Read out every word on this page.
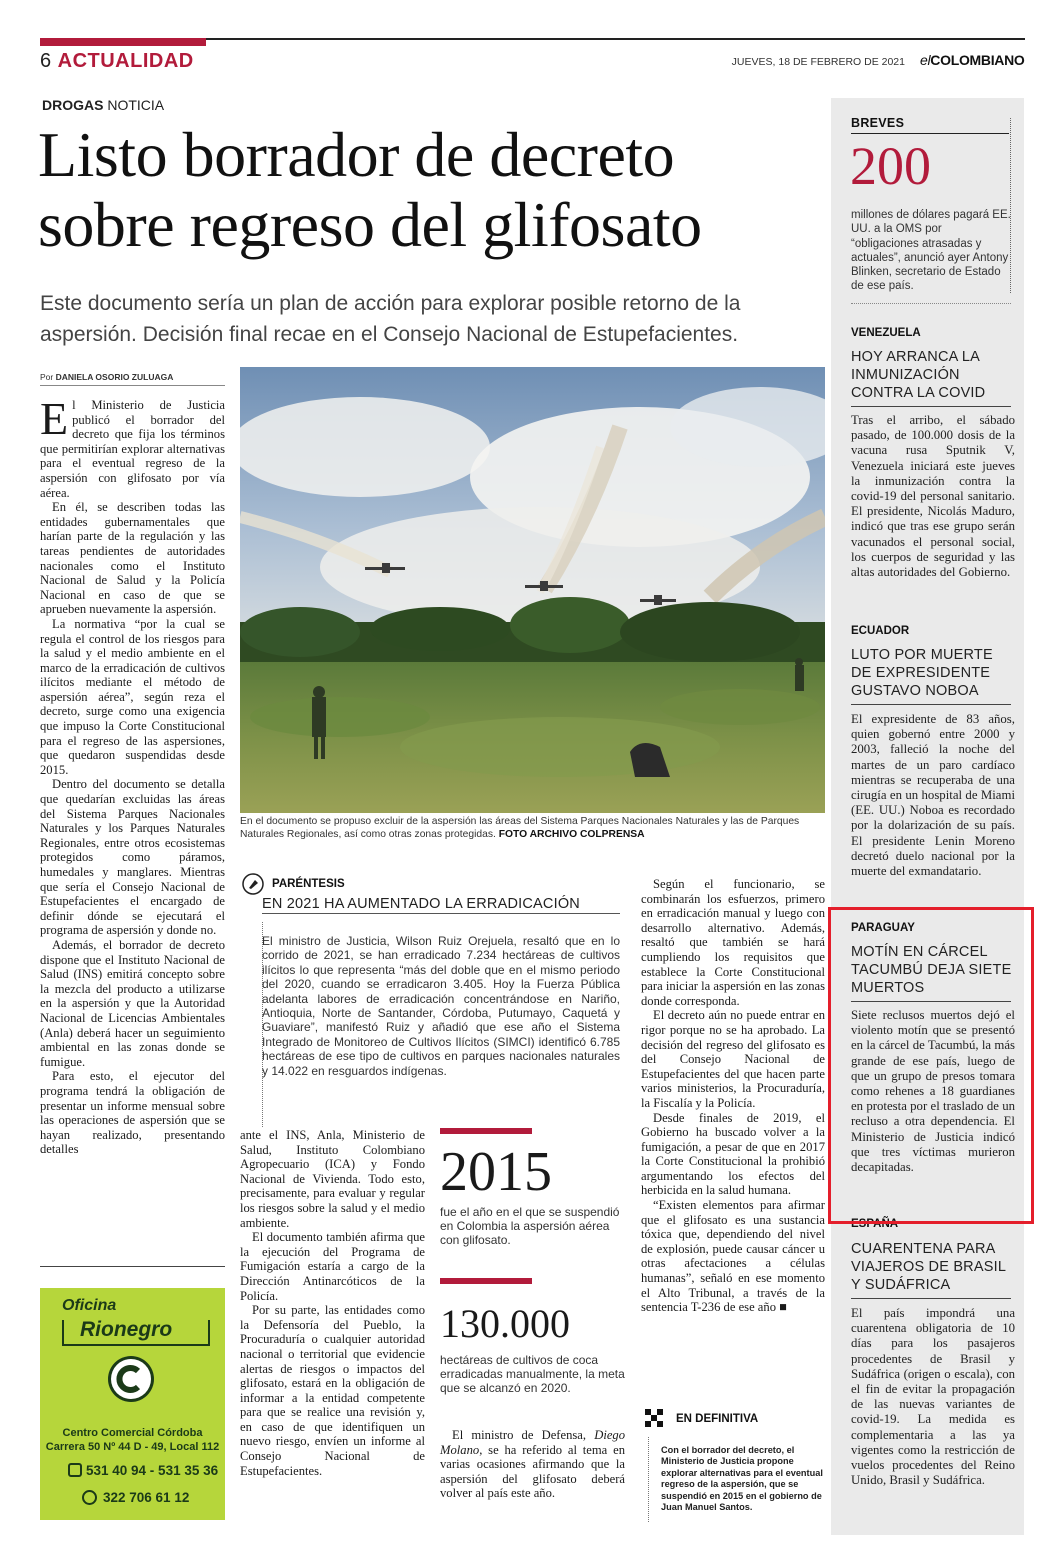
6 ACTUALIDAD	JUEVES, 18 DE FEBRERO DE 2021 elCOLOMBIANO
DROGAS NOTICIA
Listo borrador de decreto
sobre regreso del glifosato
Este documento sería un plan de acción para explorar posible retorno de la aspersión. Decisión final recae en el Consejo Nacional de Estupefacientes.
Por DANIELA OSORIO ZULUAGA

El Ministerio de Justicia publicó el borrador del decreto que fija los términos que permitirían explorar alternativas para el eventual regreso de la aspersión con glifosato por vía aérea.

En él, se describen todas las entidades gubernamentales que harían parte de la regulación y las tareas pendientes de autoridades nacionales como el Instituto Nacional de Salud y la Policía Nacional en caso de que se aprueben nuevamente la aspersión.

La normativa “por la cual se regula el control de los riesgos para la salud y el medio ambiente en el marco de la erradicación de cultivos ilícitos mediante el método de aspersión aérea”, según reza el decreto, surge como una exigencia que impuso la Corte Constitucional para el regreso de las aspersiones, que quedaron suspendidas desde 2015.

Dentro del documento se detalla que quedarían excluidas las áreas del Sistema Parques Nacionales Naturales y los Parques Naturales Regionales, entre otros ecosistemas protegidos como páramos, humedales y manglares. Mientras que sería el Consejo Nacional de Estupefacientes el encargado de definir dónde se ejecutará el programa de aspersión y donde no.

Además, el borrador de decreto dispone que el Instituto Nacional de Salud (INS) emitirá concepto sobre la mezcla del producto a utilizarse en la aspersión y que la Autoridad Nacional de Licencias Ambientales (Anla) deberá hacer un seguimiento ambiental en las zonas donde se fumigue.

Para esto, el ejecutor del programa tendrá la obligación de presentar un informe mensual sobre las operaciones de aspersión que se hayan realizado, presentando detalles

En el documento se propuso excluir de la aspersión las áreas del Sistema Parques Nacionales Naturales y las de Parques Naturales Regionales, así como otras zonas protegidas. FOTO ARCHIVO COLPRENSA
PARÉNTESIS
EN 2021 HA AUMENTADO LA ERRADICACIÓN
El ministro de Justicia, Wilson Ruiz Orejuela, resaltó que en lo corrido de 2021, se han erradicado 7.234 hectáreas de cultivos ilícitos lo que representa “más del doble que en el mismo periodo del 2020, cuando se erradicaron 3.405. Hoy la Fuerza Pública adelanta labores de erradicación concentrándose en Nariño, Antioquia, Norte de Santander, Córdoba, Putumayo, Caquetá y Guaviare”, manifestó Ruiz y añadió que ese año el Sistema Integrado de Monitoreo de Cultivos Ilícitos (SIMCI) identificó 6.785 hectáreas de ese tipo de cultivos en parques nacionales naturales y 14.022 en resguardos indígenas.

ante el INS, Anla, Ministerio de Salud, Instituto Colombiano Agropecuario (ICA) y Fondo Nacional de Vivienda. Todo esto, precisamente, para evaluar y regular los riesgos sobre la salud y el medio ambiente.

El documento también afirma que la ejecución del Programa de Fumigación estaría a cargo de la Dirección Antinarcóticos de la Policía.

Por su parte, las entidades como la Defensoría del Pueblo, la Procuraduría o cualquier autoridad nacional o territorial que evidencie alertas de riesgos o impactos del glifosato, estará en la obligación de informar a la entidad competente para que se realice una revisión y, en caso de que identifiquen un nuevo riesgo, envíen un informe al Consejo Nacional de Estupefacientes.

2015
fue el año en el que se suspendió en Colombia la aspersión aérea con glifosato.
130.000
hectáreas de cultivos de coca erradicadas manualmente, la meta que se alcanzó en 2020.

El ministro de Defensa, Diego Molano, se ha referido al tema en varias ocasiones afirmando que la aspersión del glifosato deberá volver al país este año.

Según el funcionario, se combinarán los esfuerzos, primero en erradicación manual y luego con desarrollo alternativo. Además, resaltó que también se hará cumpliendo los requisitos que establece la Corte Constitucional para iniciar la aspersión en las zonas donde corresponda.

El decreto aún no puede entrar en rigor porque no se ha aprobado. La decisión del regreso del glifosato es del Consejo Nacional de Estupefacientes del que hacen parte varios ministerios, la Procuraduría, la Fiscalía y la Policía.

Desde finales de 2019, el Gobierno ha buscado volver a la fumigación, a pesar de que en 2017 la Corte Constitucional la prohibió argumentando los efectos del herbicida en la salud humana.

“Existen elementos para afirmar que el glifosato es una sustancia tóxica que, dependiendo del nivel de explosión, puede causar cáncer u otras afectaciones a células humanas”, señaló en ese momento el Alto Tribunal, a través de la sentencia T-236 de ese año ■

EN DEFINITIVA
Con el borrador del decreto, el Ministerio de Justicia propone explorar alternativas para el eventual regreso de la aspersión, que se suspendió en 2015 en el gobierno de Juan Manuel Santos.
Oficina
Rionegro
Centro Comercial Córdoba
Carrera 50 Nº 44 D - 49, Local 112
531 40 94 - 531 35 36
322 706 61 12
BREVES
200
millones de dólares pagará EE. UU. a la OMS por “obligaciones atrasadas y actuales”, anunció ayer Antony Blinken, secretario de Estado de ese país.
VENEZUELA
HOY ARRANCA LA INMUNIZACIÓN CONTRA LA COVID
Tras el arribo, el sábado pasado, de 100.000 dosis de la vacuna rusa Sputnik V, Venezuela iniciará este jueves la inmunización contra la covid-19 del personal sanitario. El presidente, Nicolás Maduro, indicó que tras ese grupo serán vacunados el personal social, los cuerpos de seguridad y las altas autoridades del Gobierno.
ECUADOR
LUTO POR MUERTE DE EXPRESIDENTE GUSTAVO NOBOA
El expresidente de 83 años, quien gobernó entre 2000 y 2003, falleció la noche del martes de un paro cardíaco mientras se recuperaba de una cirugía en un hospital de Miami (EE. UU.) Noboa es recordado por la dolarización de su país. El presidente Lenin Moreno decretó duelo nacional por la muerte del exmandatario.
PARAGUAY
MOTÍN EN CÁRCEL TACUMBÚ DEJA SIETE MUERTOS
Siete reclusos muertos dejó el violento motín que se presentó en la cárcel de Tacumbú, la más grande de ese país, luego de que un grupo de presos tomara como rehenes a 18 guardianes en protesta por el traslado de un recluso a otra dependencia. El Ministerio de Justicia indicó que tres víctimas murieron decapitadas.
ESPAÑA
CUARENTENA PARA VIAJEROS DE BRASIL Y SUDÁFRICA
El país impondrá una cuarentena obligatoria de 10 días para los pasajeros procedentes de Brasil y Sudáfrica (origen o escala), con el fin de evitar la propagación de las nuevas variantes de covid-19. La medida es complementaria a las ya vigentes como la restricción de vuelos procedentes del Reino Unido, Brasil y Sudáfrica.
